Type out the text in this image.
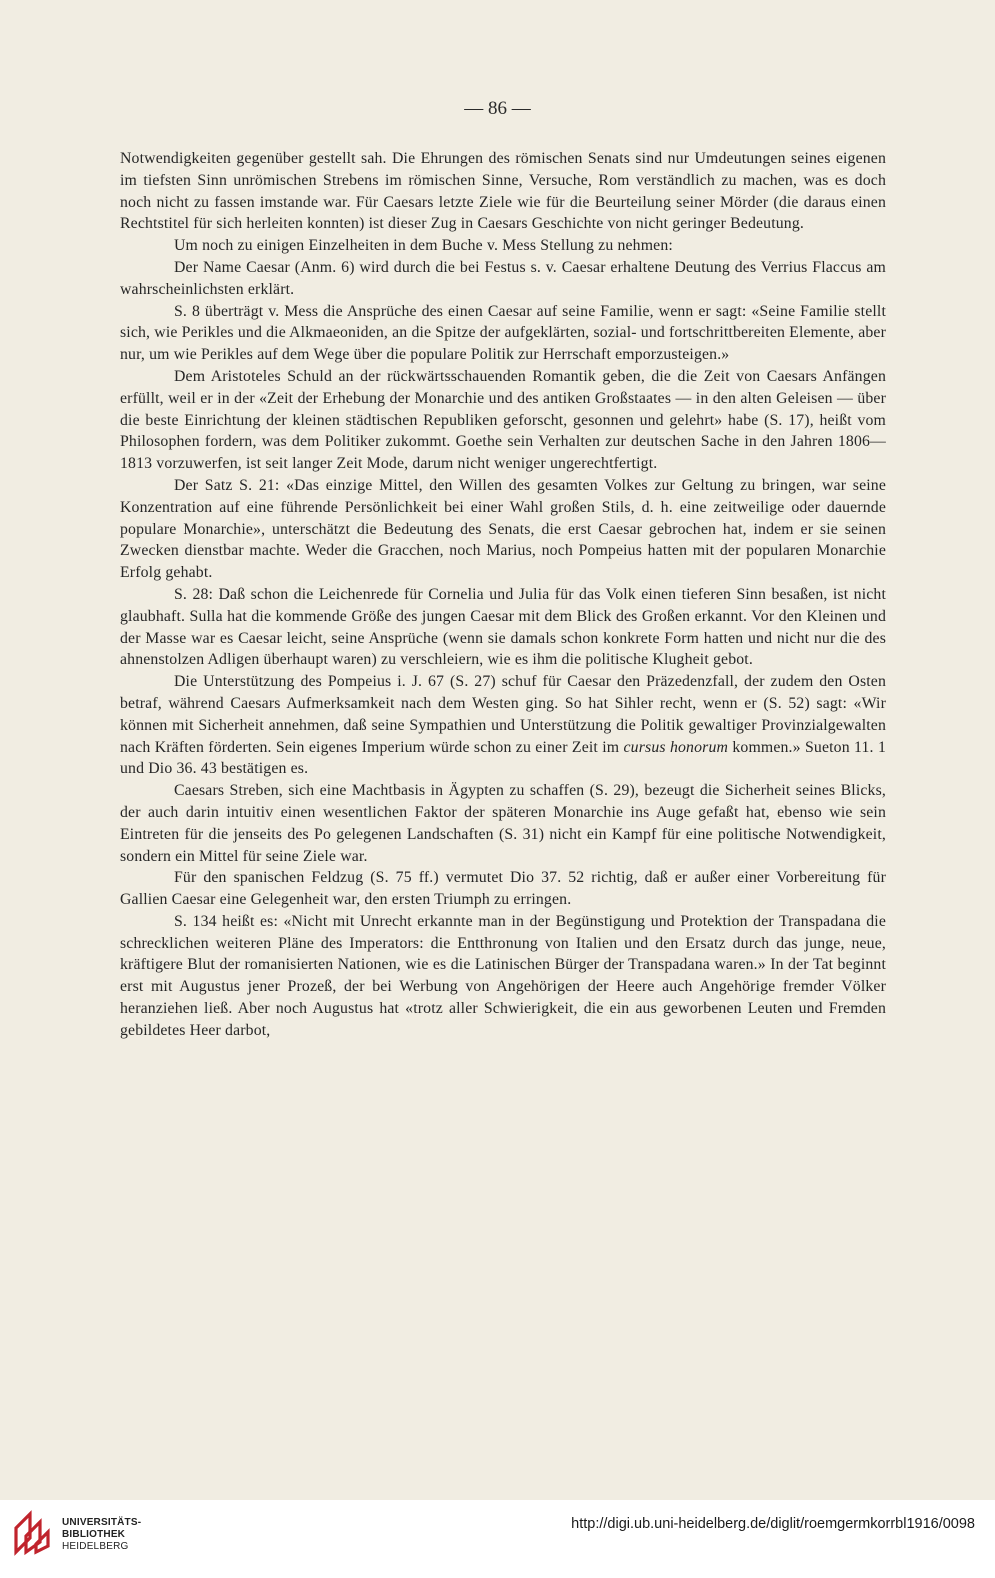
— 86 —

Notwendigkeiten gegenüber gestellt sah. Die Ehrungen des römischen Senats sind nur Umdeutungen seines eigenen im tiefsten Sinn unrömischen Strebens im römischen Sinne, Versuche, Rom verständlich zu machen, was es doch noch nicht zu fassen imstande war. Für Caesars letzte Ziele wie für die Beurteilung seiner Mörder (die daraus einen Rechtstitel für sich herleiten konnten) ist dieser Zug in Caesars Geschichte von nicht geringer Bedeutung.

Um noch zu einigen Einzelheiten in dem Buche v. Mess Stellung zu nehmen:

Der Name Caesar (Anm. 6) wird durch die bei Festus s. v. Caesar erhaltene Deutung des Verrius Flaccus am wahrscheinlichsten erklärt.

S. 8 überträgt v. Mess die Ansprüche des einen Caesar auf seine Familie, wenn er sagt: «Seine Familie stellt sich, wie Perikles und die Alkmaeoniden, an die Spitze der aufgeklärten, sozial- und fortschrittbereiten Elemente, aber nur, um wie Perikles auf dem Wege über die populare Politik zur Herrschaft emporzusteigen.»

Dem Aristoteles Schuld an der rückwärtsschauenden Romantik geben, die die Zeit von Caesars Anfängen erfüllt, weil er in der «Zeit der Erhebung der Monarchie und des antiken Großstaates — in den alten Geleisen — über die beste Einrichtung der kleinen städtischen Republiken geforscht, gesonnen und gelehrt» habe (S. 17), heißt vom Philosophen fordern, was dem Politiker zukommt. Goethe sein Verhalten zur deutschen Sache in den Jahren 1806—1813 vorzuwerfen, ist seit langer Zeit Mode, darum nicht weniger ungerechtfertigt.

Der Satz S. 21: «Das einzige Mittel, den Willen des gesamten Volkes zur Geltung zu bringen, war seine Konzentration auf eine führende Persönlichkeit bei einer Wahl großen Stils, d. h. eine zeitweilige oder dauernde populare Monarchie», unterschätzt die Bedeutung des Senats, die erst Caesar gebrochen hat, indem er sie seinen Zwecken dienstbar machte. Weder die Gracchen, noch Marius, noch Pompeius hatten mit der popularen Monarchie Erfolg gehabt.

S. 28: Daß schon die Leichenrede für Cornelia und Julia für das Volk einen tieferen Sinn besaßen, ist nicht glaubhaft. Sulla hat die kommende Größe des jungen Caesar mit dem Blick des Großen erkannt. Vor den Kleinen und der Masse war es Caesar leicht, seine Ansprüche (wenn sie damals schon konkrete Form hatten und nicht nur die des ahnenstolzen Adligen überhaupt waren) zu verschleiern, wie es ihm die politische Klugheit gebot.

Die Unterstützung des Pompeius i. J. 67 (S. 27) schuf für Caesar den Präzedenzfall, der zudem den Osten betraf, während Caesars Aufmerksamkeit nach dem Westen ging. So hat Sihler recht, wenn er (S. 52) sagt: «Wir können mit Sicherheit annehmen, daß seine Sympathien und Unterstützung die Politik gewaltiger Provinzialgewalten nach Kräften förderten. Sein eigenes Imperium würde schon zu einer Zeit im cursus honorum kommen.» Sueton 11. 1 und Dio 36. 43 bestätigen es.

Caesars Streben, sich eine Machtbasis in Ägypten zu schaffen (S. 29), bezeugt die Sicherheit seines Blicks, der auch darin intuitiv einen wesentlichen Faktor der späteren Monarchie ins Auge gefaßt hat, ebenso wie sein Eintreten für die jenseits des Po gelegenen Landschaften (S. 31) nicht ein Kampf für eine politische Notwendigkeit, sondern ein Mittel für seine Ziele war.

Für den spanischen Feldzug (S. 75 ff.) vermutet Dio 37. 52 richtig, daß er außer einer Vorbereitung für Gallien Caesar eine Gelegenheit war, den ersten Triumph zu erringen.

S. 134 heißt es: «Nicht mit Unrecht erkannte man in der Begünstigung und Protektion der Transpadana die schrecklichen weiteren Pläne des Imperators: die Entthronung von Italien und den Ersatz durch das junge, neue, kräftigere Blut der romanisierten Nationen, wie es die Latinischen Bürger der Transpadana waren.» In der Tat beginnt erst mit Augustus jener Prozeß, der bei Werbung von Angehörigen der Heere auch Angehörige fremder Völker heranziehen ließ. Aber noch Augustus hat «trotz aller Schwierigkeit, die ein aus geworbenen Leuten und Fremden gebildetes Heer darbot,

UNIVERSITÄTS-
BIBLIOTHEK
HEIDELBERG
http://digi.ub.uni-heidelberg.de/diglit/roemgermkorrbl1916/0098
